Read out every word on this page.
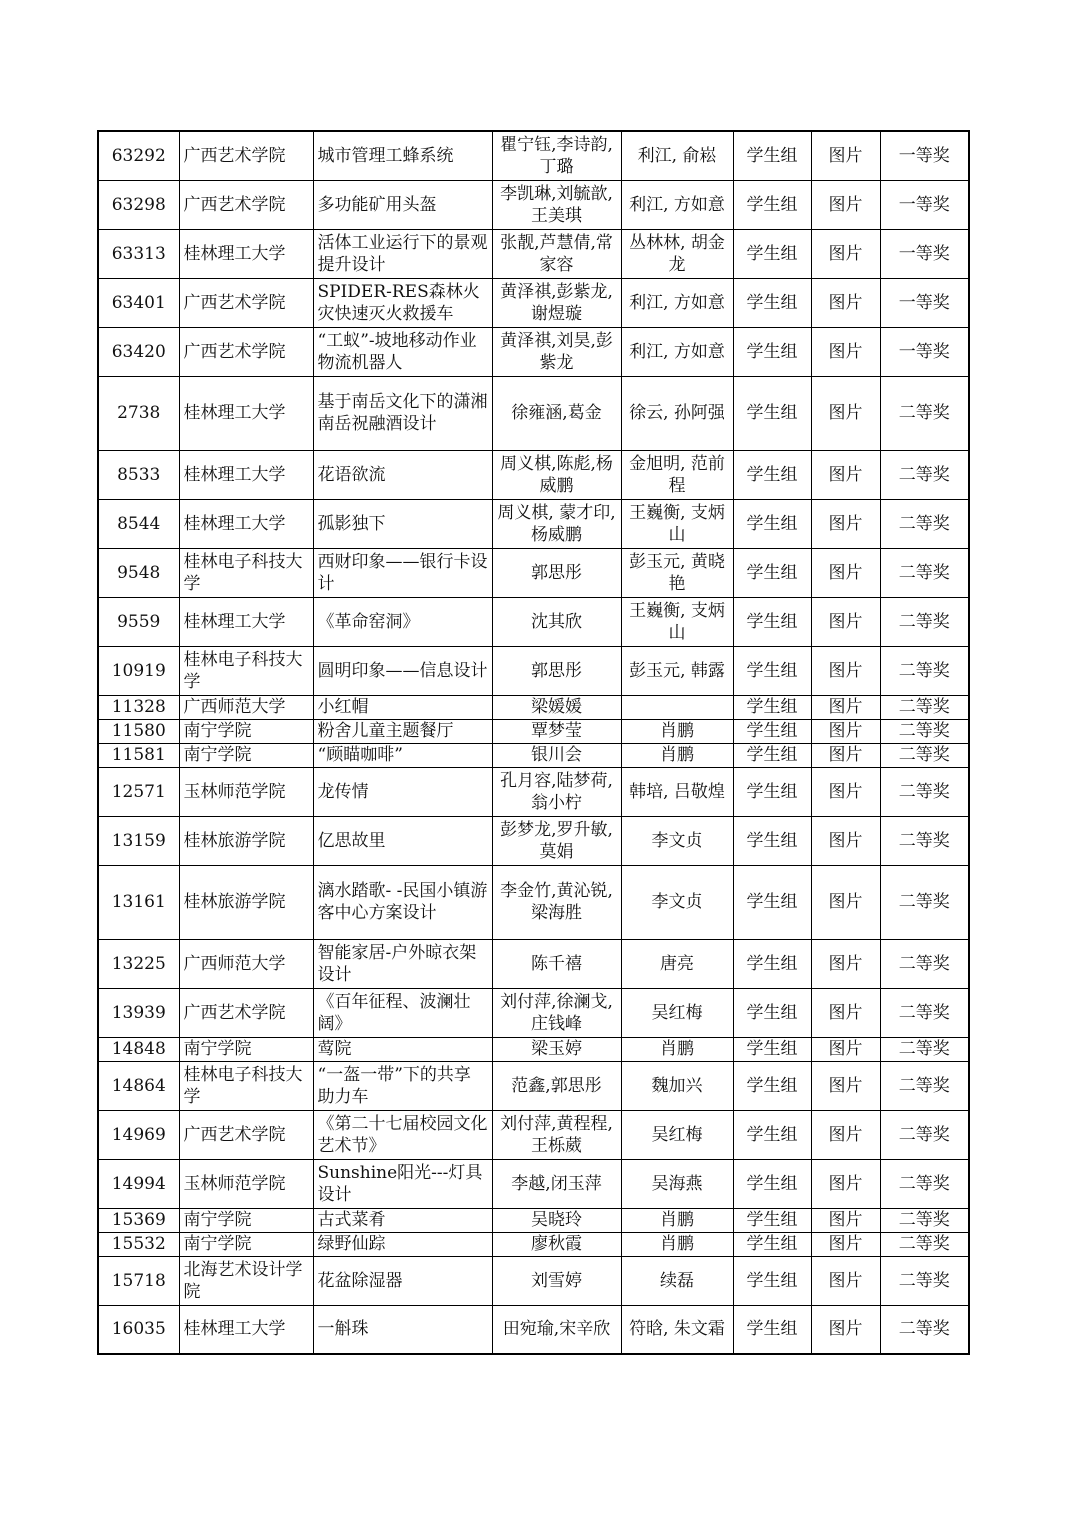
63292	广西艺术学院	城市管理工蜂系统	瞿宁钰,李诗韵,丁璐	利江, 俞崧	学生组	图片	一等奖
63298	广西艺术学院	多功能矿用头盔	李凯琳,刘毓歆,王美琪	利江, 方如意	学生组	图片	一等奖
63313	桂林理工大学	活体工业运行下的景观提升设计	张靓,芦慧倩,常家容	丛林林, 胡金龙	学生组	图片	一等奖
63401	广西艺术学院	SPIDER-RES森林火灾快速灭火救援车	黄泽祺,彭紫龙,谢煜璇	利江, 方如意	学生组	图片	一等奖
63420	广西艺术学院	“工蚁”-坡地移动作业物流机器人	黄泽祺,刘昊,彭紫龙	利江, 方如意	学生组	图片	一等奖
2738	桂林理工大学	基于南岳文化下的潇湘南岳祝融酒设计	徐雍涵,葛金	徐云, 孙阿强	学生组	图片	二等奖
8533	桂林理工大学	花语欲流	周义棋,陈彪,杨威鹏	金旭明, 范前程	学生组	图片	二等奖
8544	桂林理工大学	孤影独下	周义棋, 蒙才印,杨威鹏	王巍衡, 支炳山	学生组	图片	二等奖
9548	桂林电子科技大学	西财印象——银行卡设计	郭思彤	彭玉元, 黄晓艳	学生组	图片	二等奖
9559	桂林理工大学	《革命窑洞》	沈其欣	王巍衡, 支炳山	学生组	图片	二等奖
10919	桂林电子科技大学	圆明印象——信息设计	郭思彤	彭玉元, 韩露	学生组	图片	二等奖
11328	广西师范大学	小红帽	梁媛媛		学生组	图片	二等奖
11580	南宁学院	粉舍儿童主题餐厅	覃梦莹	肖鹏	学生组	图片	二等奖
11581	南宁学院	“顾瞄咖啡”	银川会	肖鹏	学生组	图片	二等奖
12571	玉林师范学院	龙传情	孔月容,陆梦荷, 翁小柠	韩培, 吕敬煌	学生组	图片	二等奖
13159	桂林旅游学院	亿思故里	彭梦龙,罗升敏,莫娟	李文贞	学生组	图片	二等奖
13161	桂林旅游学院	漓水踏歌- -民国小镇游客中心方案设计	李金竹,黄沁锐,梁海胜	李文贞	学生组	图片	二等奖
13225	广西师范大学	智能家居-户外晾衣架设计	陈千禧	唐亮	学生组	图片	二等奖
13939	广西艺术学院	《百年征程、波澜壮阔》	刘付萍,徐澜戈,庄钱峰	吴红梅	学生组	图片	二等奖
14848	南宁学院	莺院	梁玉婷	肖鹏	学生组	图片	二等奖
14864	桂林电子科技大学	“一盔一带”下的共享助力车	范鑫,郭思彤	魏加兴	学生组	图片	二等奖
14969	广西艺术学院	《第二十七届校园文化艺术节》	刘付萍,黄程程,王栎葳	吴红梅	学生组	图片	二等奖
14994	玉林师范学院	Sunshine阳光---灯具设计	李越,闭玉萍	吴海燕	学生组	图片	二等奖
15369	南宁学院	古式菜肴	吴晓玲	肖鹏	学生组	图片	二等奖
15532	南宁学院	绿野仙踪	廖秋霞	肖鹏	学生组	图片	二等奖
15718	北海艺术设计学院	花盆除湿器	刘雪婷	续磊	学生组	图片	二等奖
16035	桂林理工大学	一斛珠	田宛瑜,宋辛欣	符晗, 朱文霜	学生组	图片	二等奖
